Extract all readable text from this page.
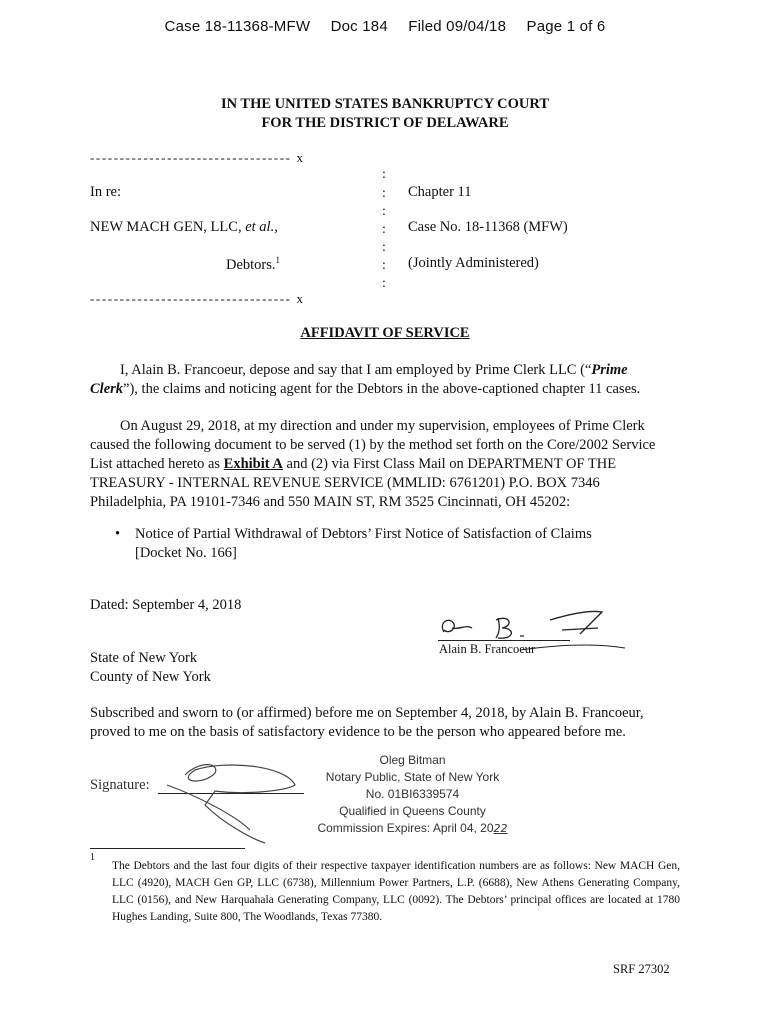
Case 18-11368-MFW Doc 184 Filed 09/04/18 Page 1 of 6
IN THE UNITED STATES BANKRUPTCY COURT
FOR THE DISTRICT OF DELAWARE
---------------------------------- x
:
:
:
:
:
:
:
In re:
NEW MACH GEN, LLC, et al.,
Debtors.$^1$
Chapter 11
Case No. 18-11368 (MFW)
(Jointly Administered)
---------------------------------- x
AFFIDAVIT OF SERVICE
I, Alain B. Francoeur, depose and say that I am employed by Prime Clerk LLC (“Prime Clerk”), the claims and noticing agent for the Debtors in the above-captioned chapter 11 cases.
On August 29, 2018, at my direction and under my supervision, employees of Prime Clerk caused the following document to be served (1) by the method set forth on the Core/2002 Service List attached hereto as Exhibit A and (2) via First Class Mail on DEPARTMENT OF THE TREASURY - INTERNAL REVENUE SERVICE (MMLID: 6761201) P.O. BOX 7346 Philadelphia, PA 19101-7346 and 550 MAIN ST, RM 3525 Cincinnati, OH 45202:
• Notice of Partial Withdrawal of Debtors’ First Notice of Satisfaction of Claims [Docket No. 166]
Dated: September 4, 2018
Alain B. Francoeur
State of New York
County of New York
Subscribed and sworn to (or affirmed) before me on September 4, 2018, by Alain B. Francoeur, proved to me on the basis of satisfactory evidence to be the person who appeared before me.
Signature:
Oleg Bitman
Notary Public, State of New York
No. 01BI6339574
Qualified in Queens County
Commission Expires: April 04, 2022
1
The Debtors and the last four digits of their respective taxpayer identification numbers are as follows: New MACH Gen, LLC (4920), MACH Gen GP, LLC (6738), Millennium Power Partners, L.P. (6688), New Athens Generating Company, LLC (0156), and New Harquahala Generating Company, LLC (0092). The Debtors’ principal offices are located at 1780 Hughes Landing, Suite 800, The Woodlands, Texas 77380.
SRF 27302
